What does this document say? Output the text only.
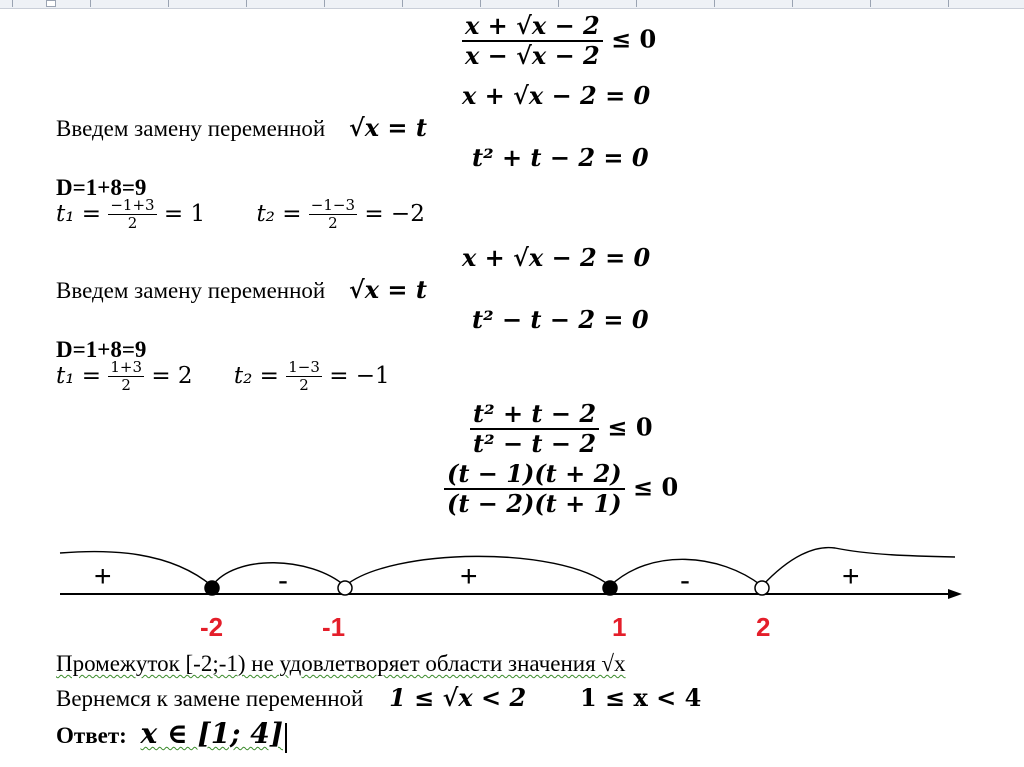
$\frac{x + √x - 2}{x - √x - 2} \le 0$
x + √x − 2 = 0
Введем замену переменной √x = t
t² + t − 2 = 0
D=1+8=9
$t_1 = \frac{-1+3}{2} = 1$ $t_2 = \frac{-1-3}{2} = -2$
x + √x − 2 = 0
Введем замену переменной √x = t
t² − t − 2 = 0
D=1+8=9
$t_1 = \frac{1+3}{2} = 2$ $t_2 = \frac{1-3}{2} = -1$
$\frac{\text{t² + t − 2}}{\text{t² − t − 2}} \le 0$
$\frac{(t - 1)(t + 2)}{(t - 2)(t + 1)} \le 0$
+	-	+	-	+
-2	-1	1	2
Промежуток [-2;-1) не удовлетворяет области значения √x
Вернемся к замене переменной 1 ≤ √x < 2 1 ≤ x < 4
Ответ: x ∈ [1; 4]
